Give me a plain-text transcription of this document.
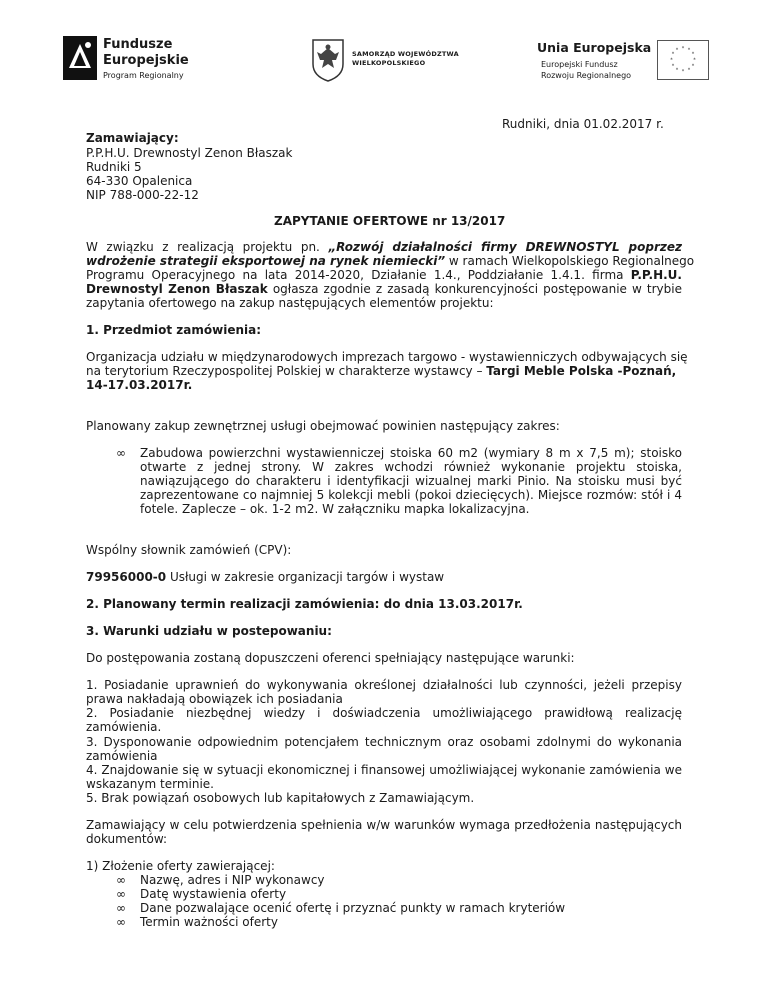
Fundusze
Europejskie
Program Regionalny
SAMORZĄD WOJEWÓDZTWA
WIELKOPOLSKIEGO
Unia Europejska
Europejski Fundusz
Rozwoju Regionalnego
* *
*
*
*
*
*
*
*
*
*
*
Rudniki, dnia 01.02.2017 r.
Zamawiający:
P.P.H.U. Drewnostyl Zenon Błaszak
Rudniki 5
64-330 Opalenica
NIP 788-000-22-12
ZAPYTANIE OFERTOWE nr 13/2017
W związku z realizacją projektu pn. „Rozwój działalności firmy DREWNOSTYL poprzez
wdrożenie strategii eksportowej na rynek niemiecki” w ramach Wielkopolskiego Regionalnego
Programu Operacyjnego na lata 2014-2020, Działanie 1.4., Poddziałanie 1.4.1. firma P.P.H.U.
Drewnostyl Zenon Błaszak ogłasza zgodnie z zasadą konkurencyjności postępowanie w trybie
zapytania ofertowego na zakup następujących elementów projektu:
1. Przedmiot zamówienia:
Organizacja udziału w międzynarodowych imprezach targowo - wystawienniczych odbywających się
na terytorium Rzeczypospolitej Polskiej w charakterze wystawcy – Targi Meble Polska -Poznań,
14-17.03.2017r.
Planowany zakup zewnętrznej usługi obejmować powinien następujący zakres:
∞ Zabudowa powierzchni wystawienniczej stoiska 60 m2 (wymiary 8 m x 7,5 m); stoisko
otwarte z jednej strony. W zakres wchodzi również wykonanie projektu stoiska,
nawiązującego do charakteru i identyfikacji wizualnej marki Pinio. Na stoisku musi być
zaprezentowane co najmniej 5 kolekcji mebli (pokoi dziecięcych). Miejsce rozmów: stół i 4
fotele. Zaplecze – ok. 1-2 m2. W załączniku mapka lokalizacyjna.
Wspólny słownik zamówień (CPV):
79956000-0 Usługi w zakresie organizacji targów i wystaw
2. Planowany termin realizacji zamówienia: do dnia 13.03.2017r.
3. Warunki udziału w postepowaniu:
Do postępowania zostaną dopuszczeni oferenci spełniający następujące warunki:
1. Posiadanie uprawnień do wykonywania określonej działalności lub czynności, jeżeli przepisy
prawa nakładają obowiązek ich posiadania
2. Posiadanie niezbędnej wiedzy i doświadczenia umożliwiającego prawidłową realizację
zamówienia.
3. Dysponowanie odpowiednim potencjałem technicznym oraz osobami zdolnymi do wykonania
zamówienia
4. Znajdowanie się w sytuacji ekonomicznej i finansowej umożliwiającej wykonanie zamówienia we
wskazanym terminie.
5. Brak powiązań osobowych lub kapitałowych z Zamawiającym.
Zamawiający w celu potwierdzenia spełnienia w/w warunków wymaga przedłożenia następujących
dokumentów:
1) Złożenie oferty zawierającej:
∞ Nazwę, adres i NIP wykonawcy
∞ Datę wystawienia oferty
∞ Dane pozwalające ocenić ofertę i przyznać punkty w ramach kryteriów
∞ Termin ważności oferty
